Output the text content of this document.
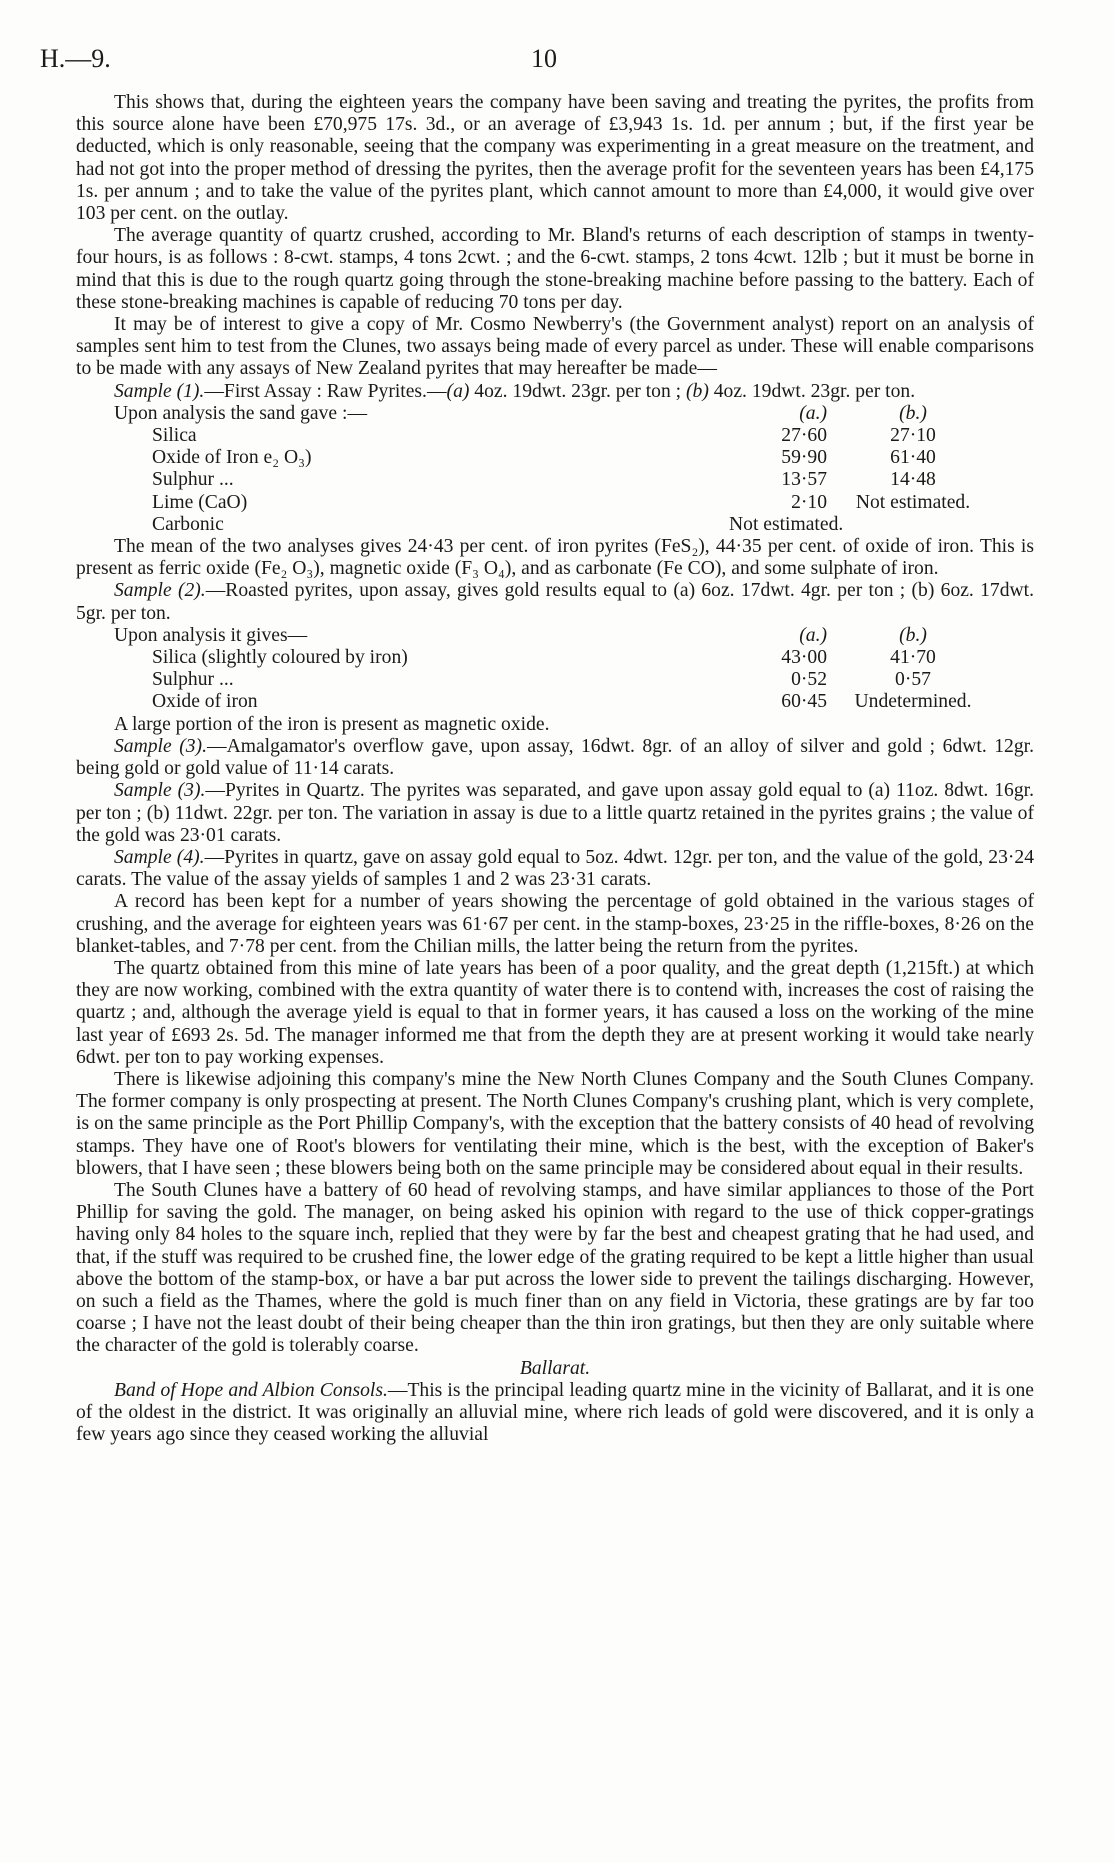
H.—9.	10

This shows that, during the eighteen years the company have been saving and treating the pyrites, the profits from this source alone have been £70,975 17s. 3d., or an average of £3,943 1s. 1d. per annum ; but, if the first year be deducted, which is only reasonable, seeing that the company was experimenting in a great measure on the treatment, and had not got into the proper method of dressing the pyrites, then the average profit for the seventeen years has been £4,175 1s. per annum ; and to take the value of the pyrites plant, which cannot amount to more than £4,000, it would give over 103 per cent. on the outlay.

The average quantity of quartz crushed, according to Mr. Bland's returns of each description of stamps in twenty-four hours, is as follows : 8-cwt. stamps, 4 tons 2cwt. ; and the 6-cwt. stamps, 2 tons 4cwt. 12lb ; but it must be borne in mind that this is due to the rough quartz going through the stone-breaking machine before passing to the battery. Each of these stone-breaking machines is capable of reducing 70 tons per day.

It may be of interest to give a copy of Mr. Cosmo Newberry's (the Government analyst) report on an analysis of samples sent him to test from the Clunes, two assays being made of every parcel as under. These will enable comparisons to be made with any assays of New Zealand pyrites that may hereafter be made—

Sample (1).—First Assay : Raw Pyrites.—(a) 4oz. 19dwt. 23gr. per ton ; (b) 4oz. 19dwt. 23gr. per ton.

Upon analysis the sand gave :—	(a.)	(b.)
Silica	27·60	27·10
Oxide of Iron e₂ O₃)	59·90	61·40
Sulphur ...	13·57	14·48
Lime (CaO)	2·10	Not estimated.
Carbonic	Not estimated.	

The mean of the two analyses gives 24·43 per cent. of iron pyrites (FeS₂), 44·35 per cent. of oxide of iron. This is present as ferric oxide (Fe₂ O₃), magnetic oxide (F₃ O₄), and as carbonate (Fe CO), and some sulphate of iron.

Sample (2).—Roasted pyrites, upon assay, gives gold results equal to (a) 6oz. 17dwt. 4gr. per ton ; (b) 6oz. 17dwt. 5gr. per ton.

Upon analysis it gives—	(a.)	(b.)
Silica (slightly coloured by iron)	43·00	41·70
Sulphur ...	0·52	0·57
Oxide of iron	60·45	Undetermined.

A large portion of the iron is present as magnetic oxide.

Sample (3).—Amalgamator's overflow gave, upon assay, 16dwt. 8gr. of an alloy of silver and gold ; 6dwt. 12gr. being gold or gold value of 11·14 carats.

Sample (3).—Pyrites in Quartz. The pyrites was separated, and gave upon assay gold equal to (a) 11oz. 8dwt. 16gr. per ton ; (b) 11dwt. 22gr. per ton. The variation in assay is due to a little quartz retained in the pyrites grains ; the value of the gold was 23·01 carats.

Sample (4).—Pyrites in quartz, gave on assay gold equal to 5oz. 4dwt. 12gr. per ton, and the value of the gold, 23·24 carats. The value of the assay yields of samples 1 and 2 was 23·31 carats.

A record has been kept for a number of years showing the percentage of gold obtained in the various stages of crushing, and the average for eighteen years was 61·67 per cent. in the stamp-boxes, 23·25 in the riffle-boxes, 8·26 on the blanket-tables, and 7·78 per cent. from the Chilian mills, the latter being the return from the pyrites.

The quartz obtained from this mine of late years has been of a poor quality, and the great depth (1,215ft.) at which they are now working, combined with the extra quantity of water there is to contend with, increases the cost of raising the quartz ; and, although the average yield is equal to that in former years, it has caused a loss on the working of the mine last year of £693 2s. 5d. The manager informed me that from the depth they are at present working it would take nearly 6dwt. per ton to pay working expenses.

There is likewise adjoining this company's mine the New North Clunes Company and the South Clunes Company. The former company is only prospecting at present. The North Clunes Company's crushing plant, which is very complete, is on the same principle as the Port Phillip Company's, with the exception that the battery consists of 40 head of revolving stamps. They have one of Root's blowers for ventilating their mine, which is the best, with the exception of Baker's blowers, that I have seen ; these blowers being both on the same principle may be considered about equal in their results.

The South Clunes have a battery of 60 head of revolving stamps, and have similar appliances to those of the Port Phillip for saving the gold. The manager, on being asked his opinion with regard to the use of thick copper-gratings having only 84 holes to the square inch, replied that they were by far the best and cheapest grating that he had used, and that, if the stuff was required to be crushed fine, the lower edge of the grating required to be kept a little higher than usual above the bottom of the stamp-box, or have a bar put across the lower side to prevent the tailings discharging. However, on such a field as the Thames, where the gold is much finer than on any field in Victoria, these gratings are by far too coarse ; I have not the least doubt of their being cheaper than the thin iron gratings, but then they are only suitable where the character of the gold is tolerably coarse.

Ballarat.

Band of Hope and Albion Consols.—This is the principal leading quartz mine in the vicinity of Ballarat, and it is one of the oldest in the district. It was originally an alluvial mine, where rich leads of gold were discovered, and it is only a few years ago since they ceased working the alluvial
